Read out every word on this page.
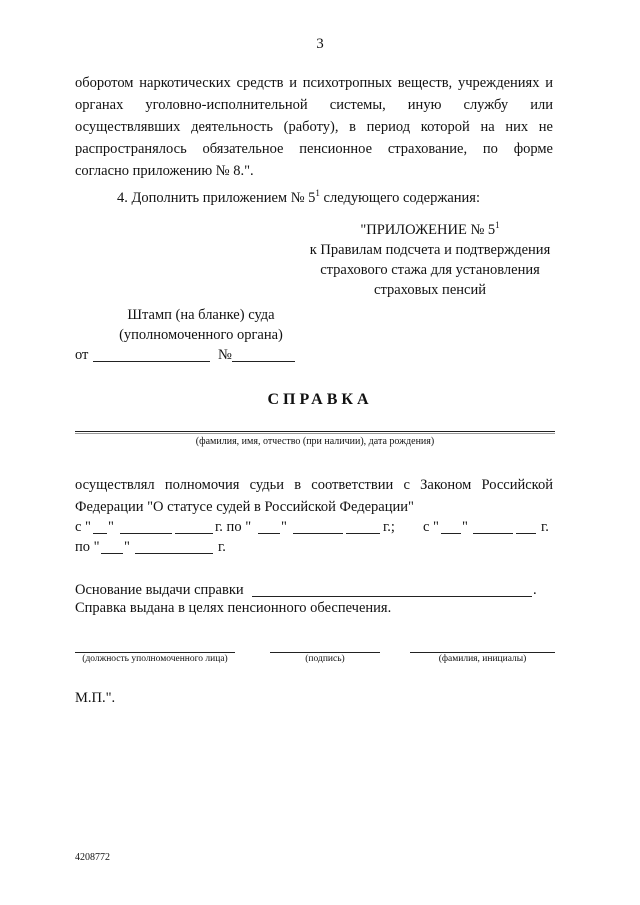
3
оборотом наркотических средств и психотропных веществ, учреждениях и
органах уголовно-исполнительной системы, иную службу или
осуществлявших деятельность (работу), в период которой на них не
распространялось обязательное пенсионное страхование, по форме
согласно приложению № 8.".
4. Дополнить приложением № $5^1$ следующего содержания:
"ПРИЛОЖЕНИЕ № $5^1$
к Правилам подсчета и подтверждения
страхового стажа для установления
страховых пенсий
Штамп (на бланке) суда
(уполномоченного органа)
от	№
СПРАВКА
(фамилия, имя, отчество (при наличии), дата рождения)
осуществлял полномочия судьи в соответствии с Законом Российской
Федерации "О статусе судей в Российской Федерации"
с " "	г. по " "	г.; с " "	г.
по " "	г.
Основание выдачи справки	.
Справка выдана в целях пенсионного обеспечения.
(должность уполномоченного лица)	(подпись)	(фамилия, инициалы)
М.П.".
4208772
